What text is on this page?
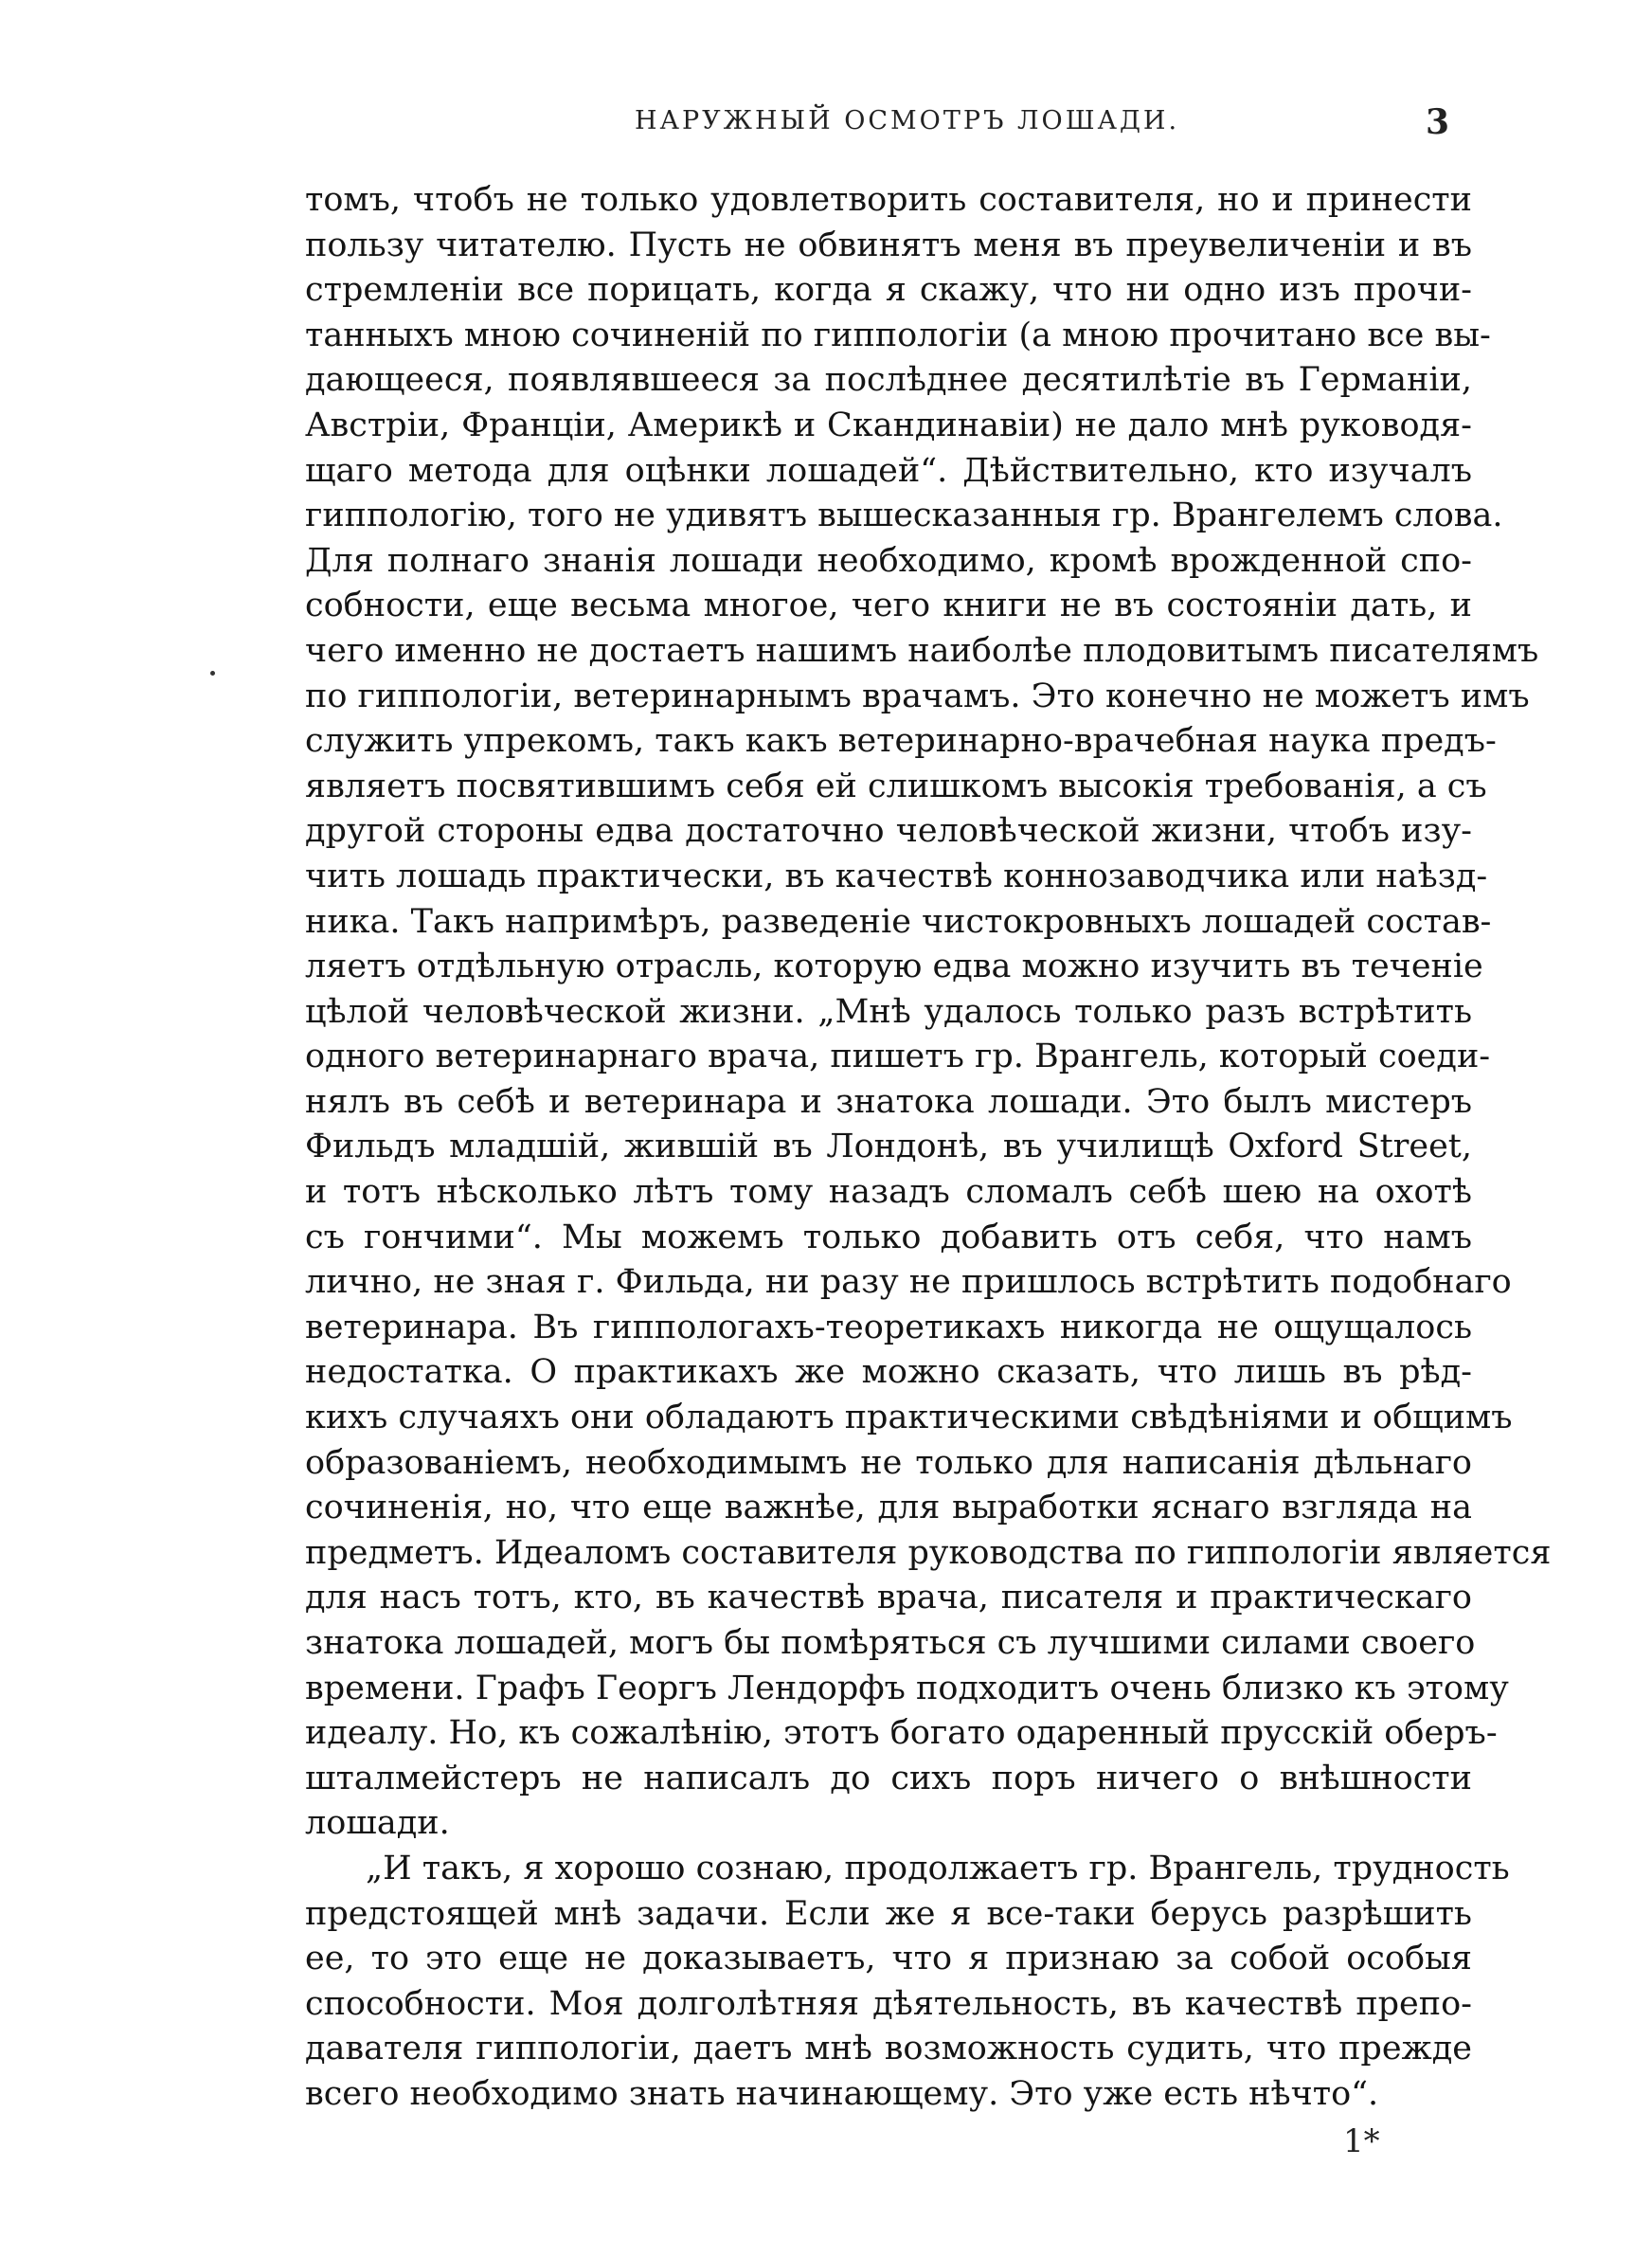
НАРУЖНЫЙ ОСМОТРЪ ЛОШАДИ.	3
томъ, чтобъ не только удовлетворить составителя, но и принести
пользу читателю. Пусть не обвинятъ меня въ преувеличеніи и въ
стремленіи все порицать, когда я скажу, что ни одно изъ прочи-
танныхъ мною сочиненій по гиппологіи (а мною прочитано все вы-
дающееся, появлявшееся за послѣднее десятилѣтіе въ Германіи,
Австріи, Франціи, Америкѣ и Скандинавіи) не дало мнѣ руководя-
щаго метода для оцѣнки лошадей“. Дѣйствительно, кто изучалъ
гиппологію, того не удивятъ вышесказанныя гр. Врангелемъ слова.
Для полнаго знанія лошади необходимо, кромѣ врожденной спо-
собности, еще весьма многое, чего книги не въ состояніи дать, и
чего именно не достаетъ нашимъ наиболѣе плодовитымъ писателямъ
по гиппологіи, ветеринарнымъ врачамъ. Это конечно не можетъ имъ
служить упрекомъ, такъ какъ ветеринарно-врачебная наука предъ-
являетъ посвятившимъ себя ей слишкомъ высокія требованія, а съ
другой стороны едва достаточно человѣческой жизни, чтобъ изу-
чить лошадь практически, въ качествѣ коннозаводчика или наѣзд-
ника. Такъ напримѣръ, разведеніе чистокровныхъ лошадей состав-
ляетъ отдѣльную отрасль, которую едва можно изучить въ теченіе
цѣлой человѣческой жизни. „Мнѣ удалось только разъ встрѣтить
одного ветеринарнаго врача, пишетъ гр. Врангель, который соеди-
нялъ въ себѣ и ветеринара и знатока лошади. Это былъ мистеръ
Фильдъ младшій, жившій въ Лондонѣ, въ училищѣ Oxford Street,
и тотъ нѣсколько лѣтъ тому назадъ сломалъ себѣ шею на охотѣ
съ гончими“. Мы можемъ только добавить отъ себя, что намъ
лично, не зная г. Фильда, ни разу не пришлось встрѣтить подобнаго
ветеринара. Въ гиппологахъ-теоретикахъ никогда не ощущалось
недостатка. О практикахъ же можно сказать, что лишь въ рѣд-
кихъ случаяхъ они обладаютъ практическими свѣдѣніями и общимъ
образованіемъ, необходимымъ не только для написанія дѣльнаго
сочиненія, но, что еще важнѣе, для выработки яснаго взгляда на
предметъ. Идеаломъ составителя руководства по гиппологіи является
для насъ тотъ, кто, въ качествѣ врача, писателя и практическаго
знатока лошадей, могъ бы помѣряться съ лучшими силами своего
времени. Графъ Георгъ Лендорфъ подходитъ очень близко къ этому
идеалу. Но, къ сожалѣнію, этотъ богато одаренный прусскій оберъ-
шталмейстеръ не написалъ до сихъ поръ ничего о внѣшности
лошади.
„И такъ, я хорошо сознаю, продолжаетъ гр. Врангель, трудность
предстоящей мнѣ задачи. Если же я все-таки берусь разрѣшить
ее, то это еще не доказываетъ, что я признаю за собой особыя
способности. Моя долголѣтняя дѣятельность, въ качествѣ препо-
давателя гиппологіи, даетъ мнѣ возможность судить, что прежде
всего необходимо знать начинающему. Это уже есть нѣчто“.
1*
